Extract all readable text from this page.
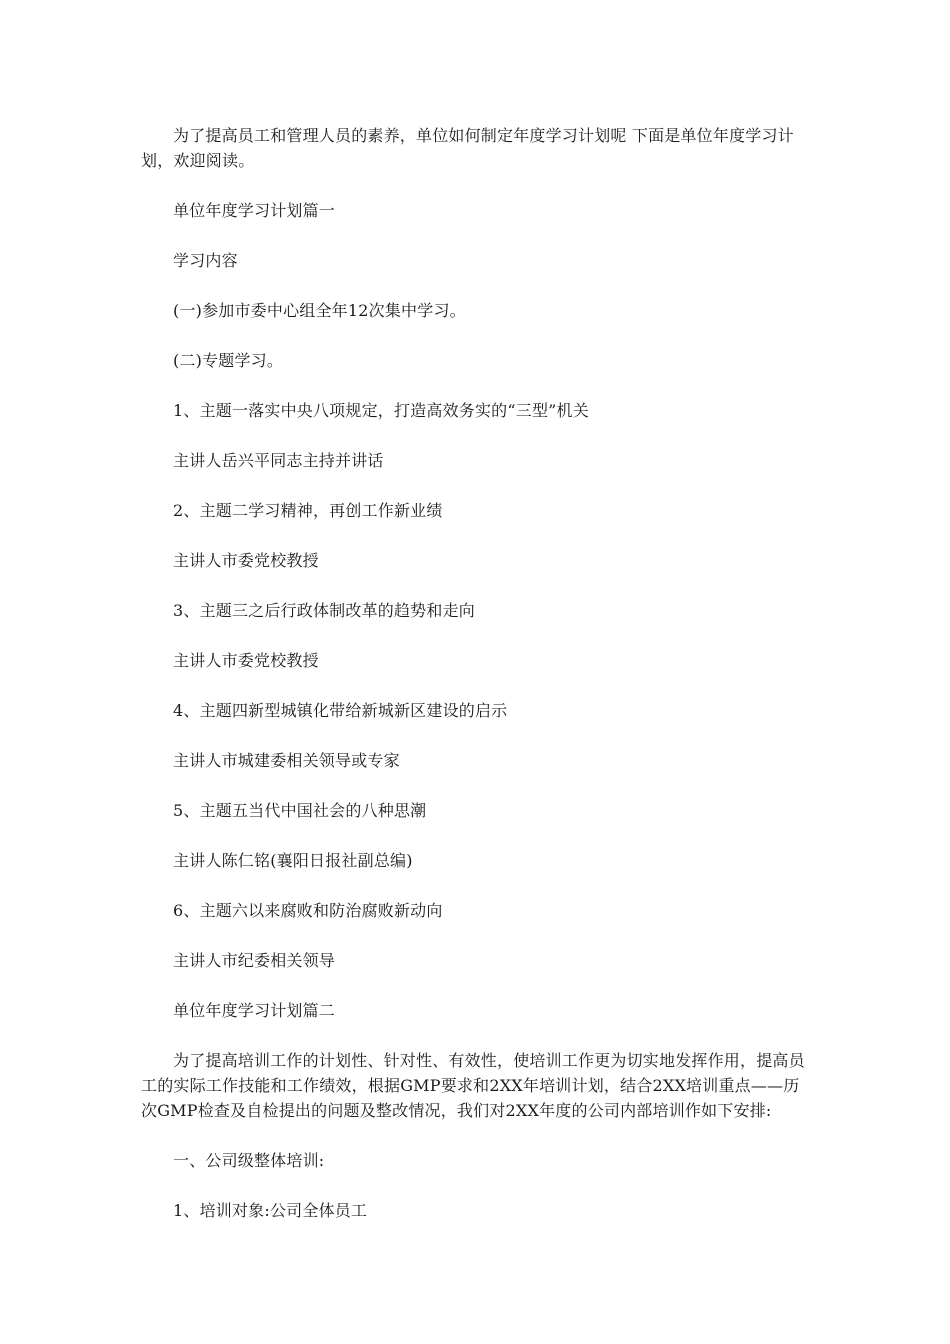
为了提高员工和管理人员的素养，单位如何制定年度学习计划呢 下面是单位年度学习计划，欢迎阅读。

单位年度学习计划篇一

学习内容

(一)参加市委中心组全年12次集中学习。

(二)专题学习。

1、主题一落实中央八项规定，打造高效务实的“三型”机关

主讲人岳兴平同志主持并讲话

2、主题二学习精神，再创工作新业绩

主讲人市委党校教授

3、主题三之后行政体制改革的趋势和走向

主讲人市委党校教授

4、主题四新型城镇化带给新城新区建设的启示

主讲人市城建委相关领导或专家

5、主题五当代中国社会的八种思潮

主讲人陈仁铭(襄阳日报社副总编)

6、主题六以来腐败和防治腐败新动向

主讲人市纪委相关领导

单位年度学习计划篇二

为了提高培训工作的计划性、针对性、有效性，使培训工作更为切实地发挥作用，提高员工的实际工作技能和工作绩效，根据GMP要求和2XX年培训计划，结合2XX培训重点——历次GMP检查及自检提出的问题及整改情况，我们对2XX年度的公司内部培训作如下安排:

一、公司级整体培训:

1、培训对象:公司全体员工
